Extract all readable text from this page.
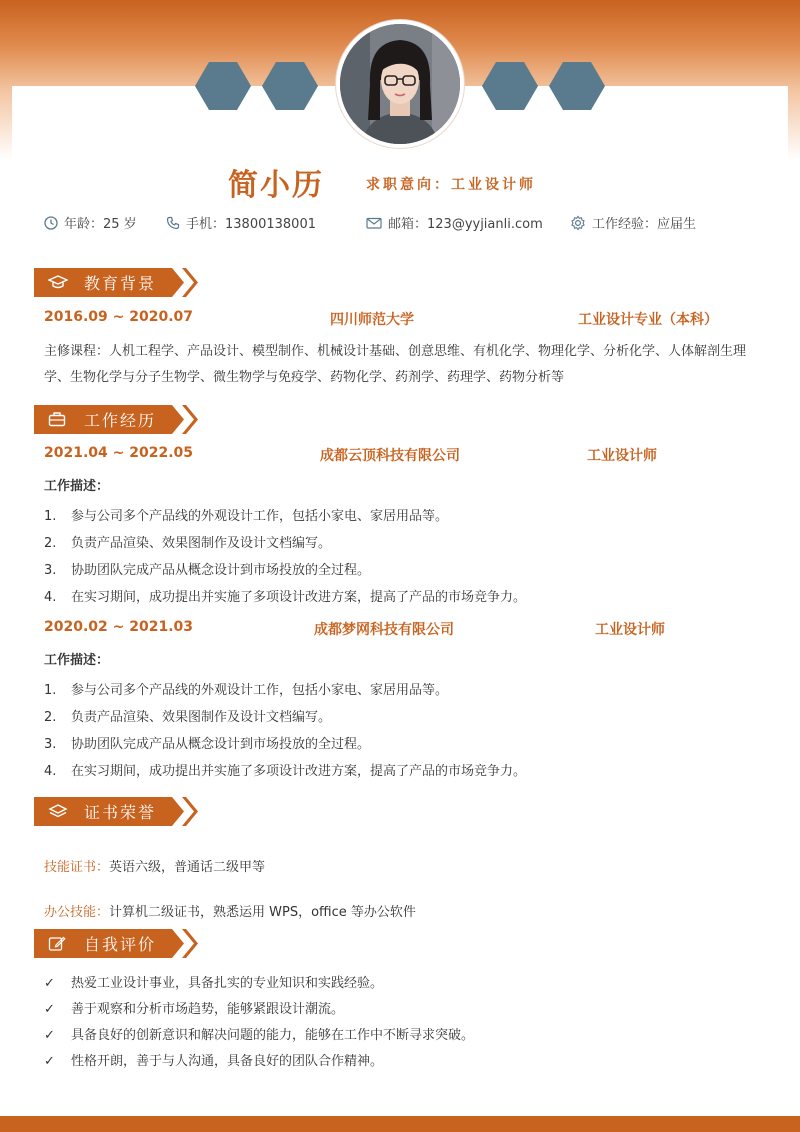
简小历	求职意向：工业设计师
年龄：25 岁	手机：13800138001	邮箱：123@yyjianli.com	工作经验：应届生
教育背景
2016.09 ~ 2020.07	四川师范大学	工业设计专业（本科）
主修课程：人机工程学、产品设计、模型制作、机械设计基础、创意思维、有机化学、物理化学、分析化学、人体解剖生理学、生物化学与分子生物学、微生物学与免疫学、药物化学、药剂学、药理学、药物分析等
工作经历
2021.04 ~ 2022.05	成都云顶科技有限公司	工业设计师
工作描述：
1.	参与公司多个产品线的外观设计工作，包括小家电、家居用品等。
2.	负责产品渲染、效果图制作及设计文档编写。
3.	协助团队完成产品从概念设计到市场投放的全过程。
4.	在实习期间，成功提出并实施了多项设计改进方案，提高了产品的市场竞争力。
2020.02 ~ 2021.03	成都梦网科技有限公司	工业设计师
工作描述：
1.	参与公司多个产品线的外观设计工作，包括小家电、家居用品等。
2.	负责产品渲染、效果图制作及设计文档编写。
3.	协助团队完成产品从概念设计到市场投放的全过程。
4.	在实习期间，成功提出并实施了多项设计改进方案，提高了产品的市场竞争力。
证书荣誉
技能证书：英语六级，普通话二级甲等
办公技能：计算机二级证书，熟悉运用 WPS，office 等办公软件
自我评价
✓	热爱工业设计事业，具备扎实的专业知识和实践经验。
✓	善于观察和分析市场趋势，能够紧跟设计潮流。
✓	具备良好的创新意识和解决问题的能力，能够在工作中不断寻求突破。
✓	性格开朗，善于与人沟通，具备良好的团队合作精神。
